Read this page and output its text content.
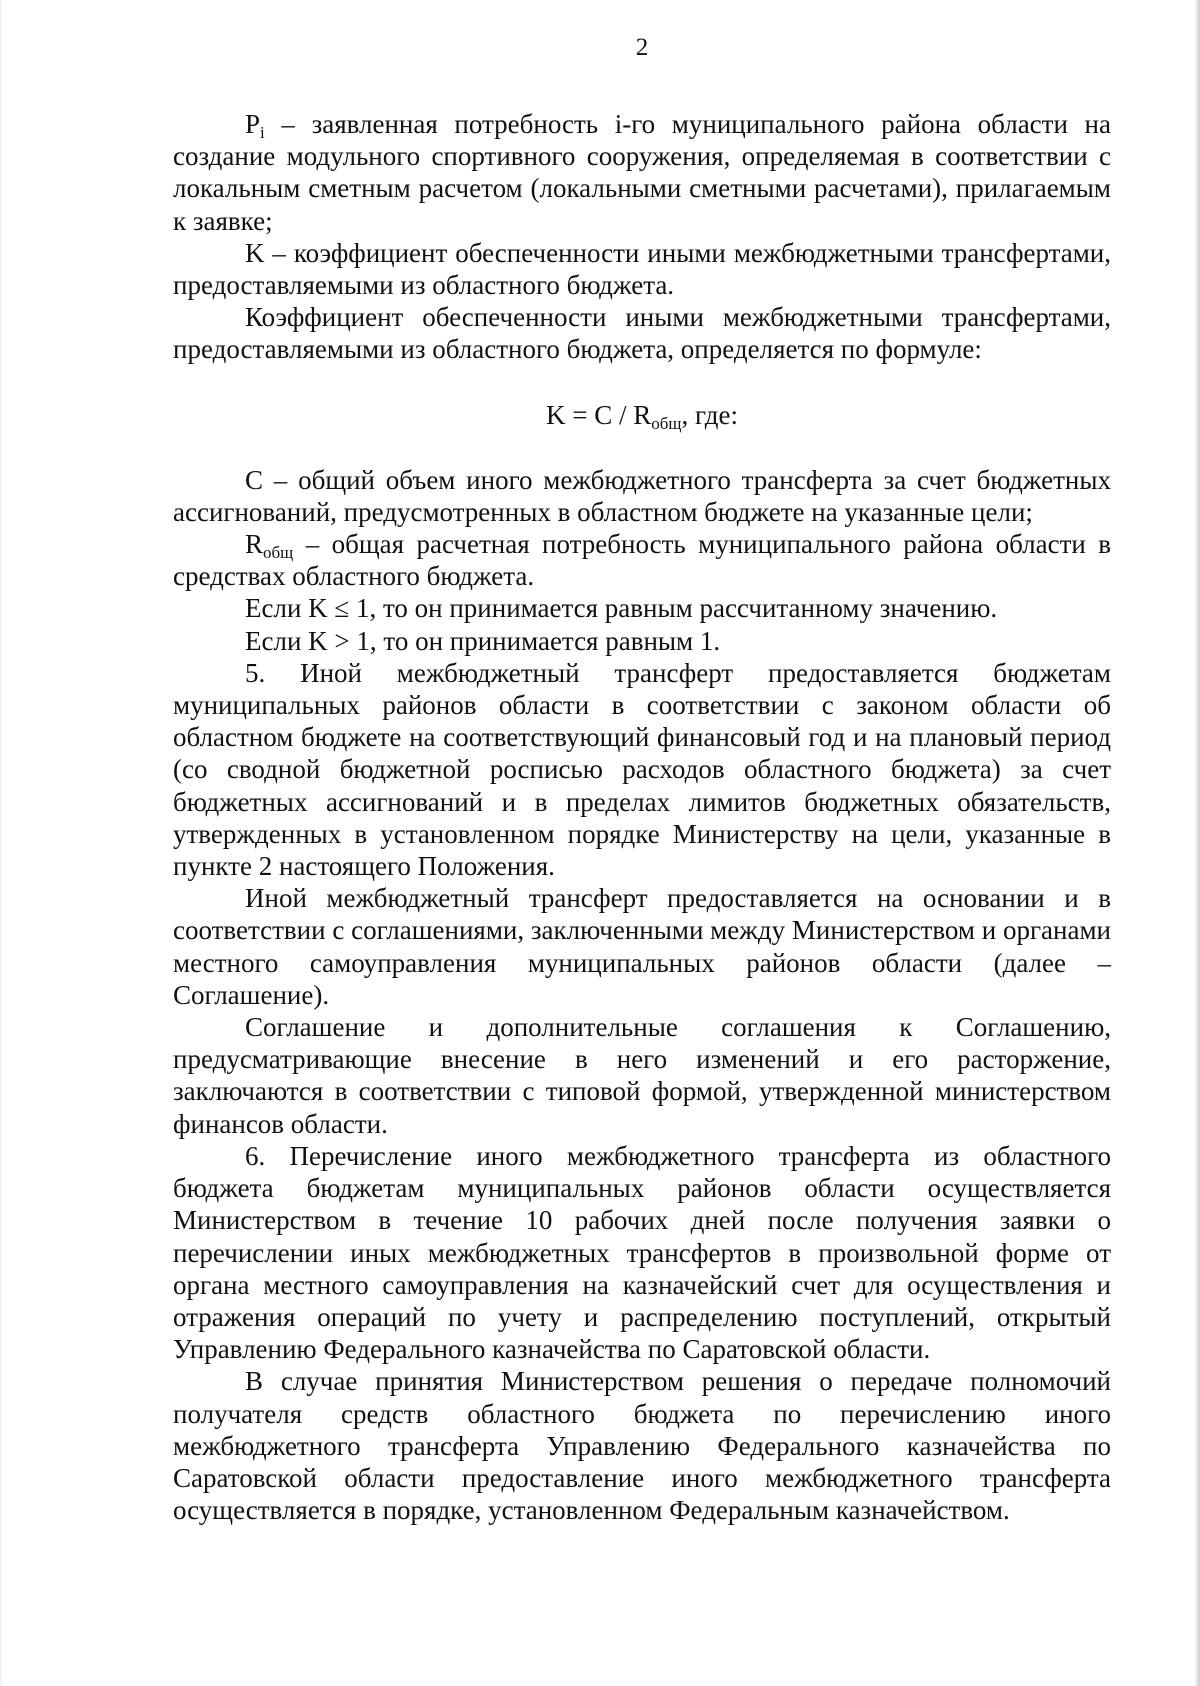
2

$P_i$ – заявленная потребность i-го муниципального района области на создание модульного спортивного сооружения, определяемая в соответствии с локальным сметным расчетом (локальными сметными расчетами), прилагаемым к заявке;

K – коэффициент обеспеченности иными межбюджетными трансфертами, предоставляемыми из областного бюджета.

Коэффициент обеспеченности иными межбюджетными трансфертами, предоставляемыми из областного бюджета, определяется по формуле:

$K = C / R_{общ}$, где:

C – общий объем иного межбюджетного трансферта за счет бюджетных ассигнований, предусмотренных в областном бюджете на указанные цели;

$R_{общ}$ – общая расчетная потребность муниципального района области в средствах областного бюджета.

Если K ≤ 1, то он принимается равным рассчитанному значению.

Если K > 1, то он принимается равным 1.

5. Иной межбюджетный трансферт предоставляется бюджетам муниципальных районов области в соответствии с законом области об областном бюджете на соответствующий финансовый год и на плановый период (со сводной бюджетной росписью расходов областного бюджета) за счет бюджетных ассигнований и в пределах лимитов бюджетных обязательств, утвержденных в установленном порядке Министерству на цели, указанные в пункте 2 настоящего Положения.

Иной межбюджетный трансферт предоставляется на основании и в соответствии с соглашениями, заключенными между Министерством и органами местного самоуправления муниципальных районов области (далее – Соглашение).

Соглашение и дополнительные соглашения к Соглашению, предусматривающие внесение в него изменений и его расторжение, заключаются в соответствии с типовой формой, утвержденной министерством финансов области.

6. Перечисление иного межбюджетного трансферта из областного бюджета бюджетам муниципальных районов области осуществляется Министерством в течение 10 рабочих дней после получения заявки о перечислении иных межбюджетных трансфертов в произвольной форме от органа местного самоуправления на казначейский счет для осуществления и отражения операций по учету и распределению поступлений, открытый Управлению Федерального казначейства по Саратовской области.

В случае принятия Министерством решения о передаче полномочий получателя средств областного бюджета по перечислению иного межбюджетного трансферта Управлению Федерального казначейства по Саратовской области предоставление иного межбюджетного трансферта осуществляется в порядке, установленном Федеральным казначейством.
